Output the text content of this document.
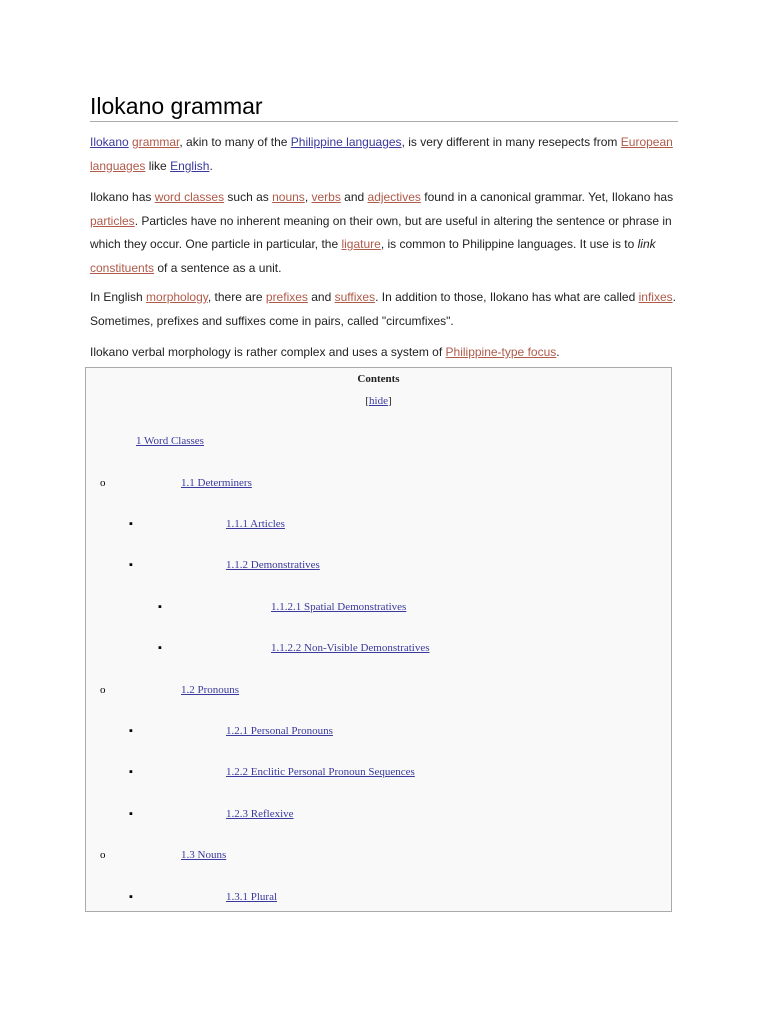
Ilokano grammar

Ilokano grammar, akin to many of the Philippine languages, is very different in many resepects from European languages like English.

Ilokano has word classes such as nouns, verbs and adjectives found in a canonical grammar. Yet, Ilokano has particles. Particles have no inherent meaning on their own, but are useful in altering the sentence or phrase in which they occur. One particle in particular, the ligature, is common to Philippine languages. It use is to link constituents of a sentence as a unit.

In English morphology, there are prefixes and suffixes. In addition to those, Ilokano has what are called infixes. Sometimes, prefixes and suffixes come in pairs, called "circumfixes".

Ilokano verbal morphology is rather complex and uses a system of Philippine-type focus.

Contents
[hide]
1 Word Classes
o	1.1 Determiners
▪	1.1.1 Articles
▪	1.1.2 Demonstratives
▪	1.1.2.1 Spatial Demonstratives
▪	1.1.2.2 Non-Visible Demonstratives
o	1.2 Pronouns
▪	1.2.1 Personal Pronouns
▪	1.2.2 Enclitic Personal Pronoun Sequences
▪	1.2.3 Reflexive
o	1.3 Nouns
▪	1.3.1 Plural
